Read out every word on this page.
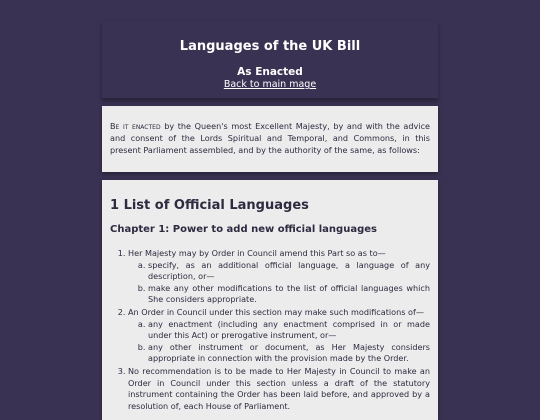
Languages of the UK Bill
As Enacted
Back to main mage

Be it enacted by the Queen's most Excellent Majesty, by and with the advice and consent of the Lords Spiritual and Temporal, and Commons, in this present Parliament assembled, and by the authority of the same, as follows:

1 List of Official Languages
Chapter 1: Power to add new official languages
1. Her Majesty may by Order in Council amend this Part so as to—
a. specify, as an additional official language, a language of any description, or—
b. make any other modifications to the list of official languages which She considers appropriate.
2. An Order in Council under this section may make such modifications of—
a. any enactment (including any enactment comprised in or made under this Act) or prerogative instrument, or—
b. any other instrument or document, as Her Majesty considers appropriate in connection with the provision made by the Order.
3. No recommendation is to be made to Her Majesty in Council to make an Order in Council under this section unless a draft of the statutory instrument containing the Order has been laid before, and approved by a resolution of, each House of Parliament.
